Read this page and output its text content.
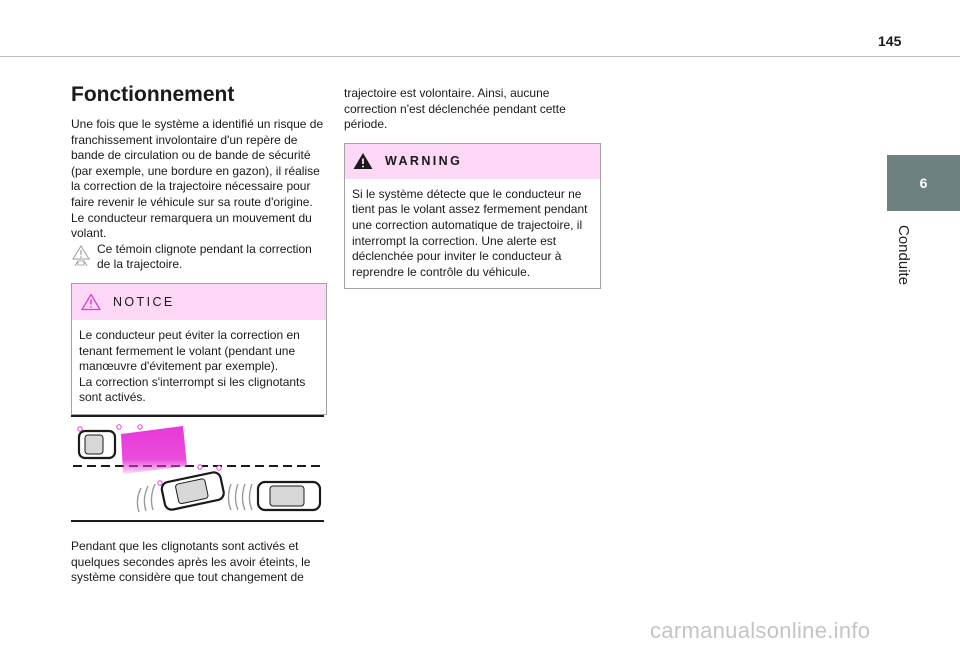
145
6
Conduite
Fonctionnement

Une fois que le système a identifié un risque de franchissement involontaire d'un repère de bande de circulation ou de bande de sécurité (par exemple, une bordure en gazon), il réalise la correction de la trajectoire nécessaire pour faire revenir le véhicule sur sa route d'origine.

Le conducteur remarquera un mouvement du volant.

Ce témoin clignote pendant la correction de la trajectoire.

NOTICE
Le conducteur peut éviter la correction en tenant fermement le volant (pendant une manœuvre d'évitement par exemple).
La correction s'interrompt si les clignotants sont activés.

Pendant que les clignotants sont activés et quelques secondes après les avoir éteints, le système considère que tout changement de

trajectoire est volontaire. Ainsi, aucune correction n'est déclenchée pendant cette période.

WARNING
Si le système détecte que le conducteur ne tient pas le volant assez fermement pendant une correction automatique de trajectoire, il interrompt la correction. Une alerte est déclenchée pour inviter le conducteur à reprendre le contrôle du véhicule.
carmanualsonline.info
